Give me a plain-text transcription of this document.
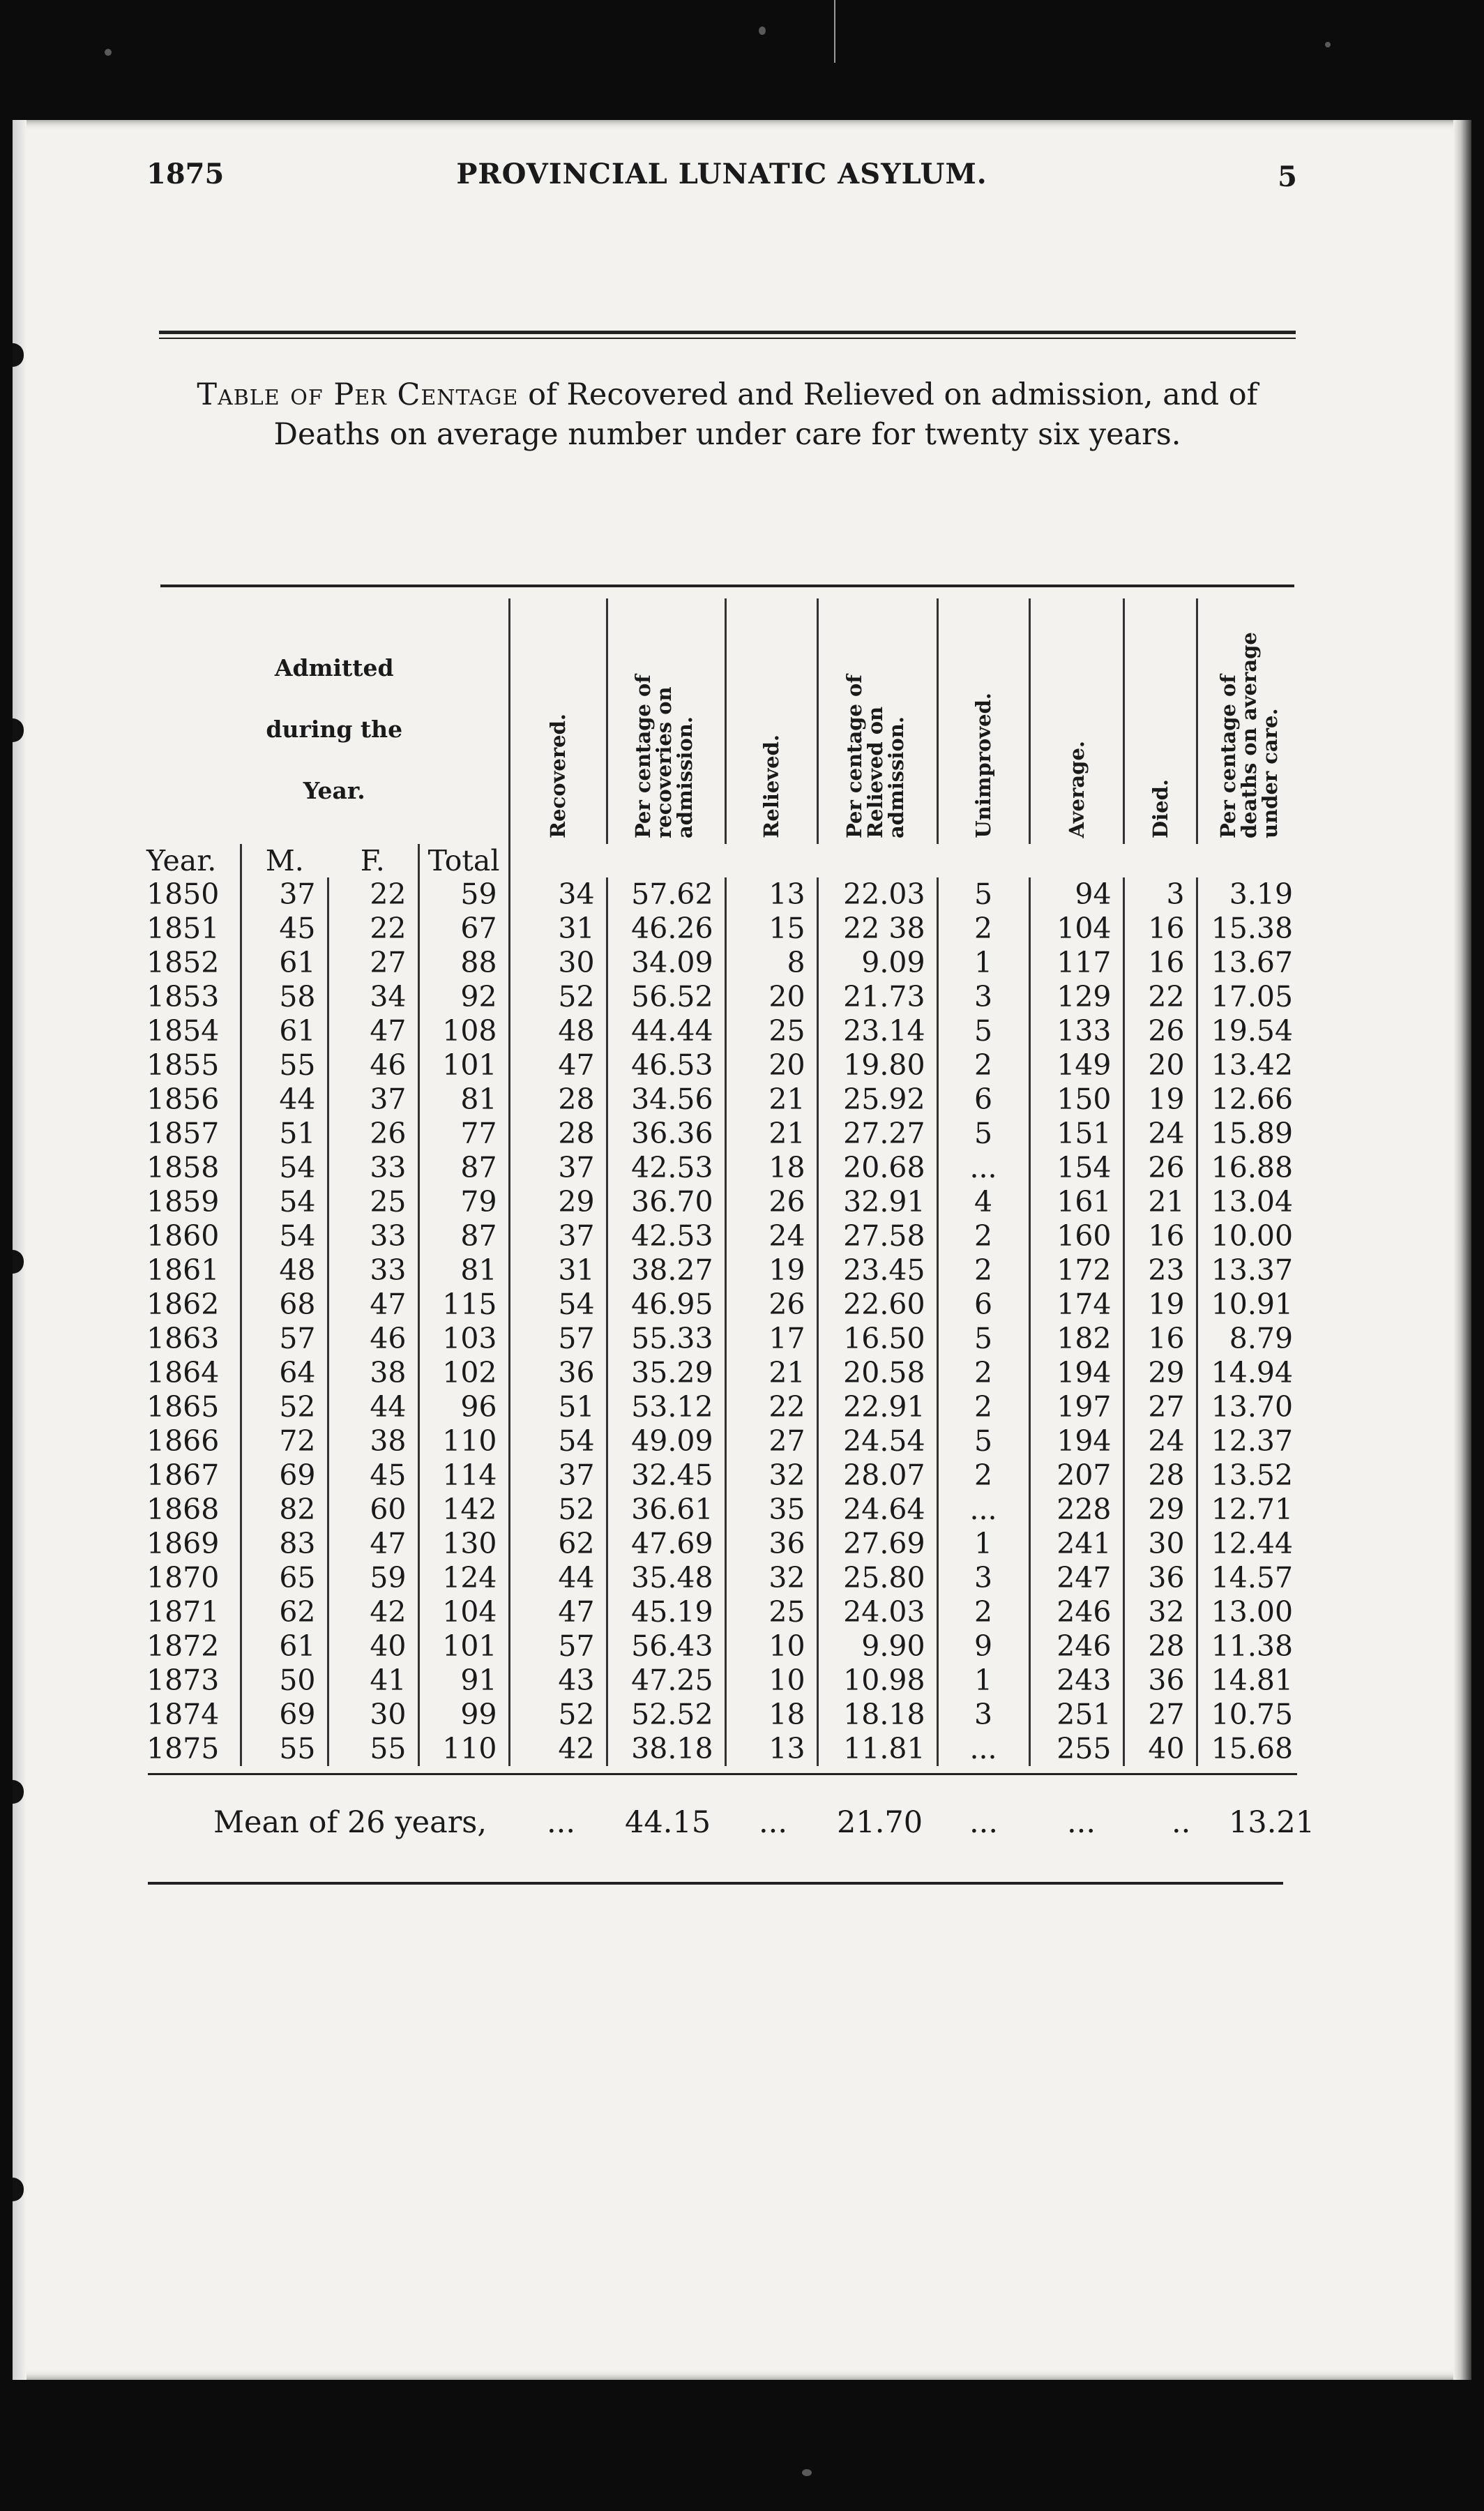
1875	PROVINCIAL LUNATIC ASYLUM.	5
Table of Per Centage of Recovered and Relieved on admission, and of
Deaths on average number under care for twenty six years.
Admitted
during the
Year.				Recovered.	Per centage of recoveries on admission.	Relieved.	Per centage of Relieved on admission.	Unimproved.	Average.	Died.	Per centage of deaths on average under care.

Year.	M.	F.	Total								
1850	37	22	59	34	57.62	13	22.03	5	94	3	3.19
1851	45	22	67	31	46.26	15	22 38	2	104	16	15.38
1852	61	27	88	30	34.09	8	9.09	1	117	16	13.67
1853	58	34	92	52	56.52	20	21.73	3	129	22	17.05
1854	61	47	108	48	44.44	25	23.14	5	133	26	19.54
1855	55	46	101	47	46.53	20	19.80	2	149	20	13.42
1856	44	37	81	28	34.56	21	25.92	6	150	19	12.66
1857	51	26	77	28	36.36	21	27.27	5	151	24	15.89
1858	54	33	87	37	42.53	18	20.68	...	154	26	16.88
1859	54	25	79	29	36.70	26	32.91	4	161	21	13.04
1860	54	33	87	37	42.53	24	27.58	2	160	16	10.00
1861	48	33	81	31	38.27	19	23.45	2	172	23	13.37
1862	68	47	115	54	46.95	26	22.60	6	174	19	10.91
1863	57	46	103	57	55.33	17	16.50	5	182	16	8.79
1864	64	38	102	36	35.29	21	20.58	2	194	29	14.94
1865	52	44	96	51	53.12	22	22.91	2	197	27	13.70
1866	72	38	110	54	49.09	27	24.54	5	194	24	12.37
1867	69	45	114	37	32.45	32	28.07	2	207	28	13.52
1868	82	60	142	52	36.61	35	24.64	...	228	29	12.71
1869	83	47	130	62	47.69	36	27.69	1	241	30	12.44
1870	65	59	124	44	35.48	32	25.80	3	247	36	14.57
1871	62	42	104	47	45.19	25	24.03	2	246	32	13.00
1872	61	40	101	57	56.43	10	9.90	9	246	28	11.38
1873	50	41	91	43	47.25	10	10.98	1	243	36	14.81
1874	69	30	99	52	52.52	18	18.18	3	251	27	10.75
1875	55	55	110	42	38.18	13	11.81	...	255	40	15.68
Mean of 26 years, ... 44.15 ... 21.70 ... ...	.. 13.21
